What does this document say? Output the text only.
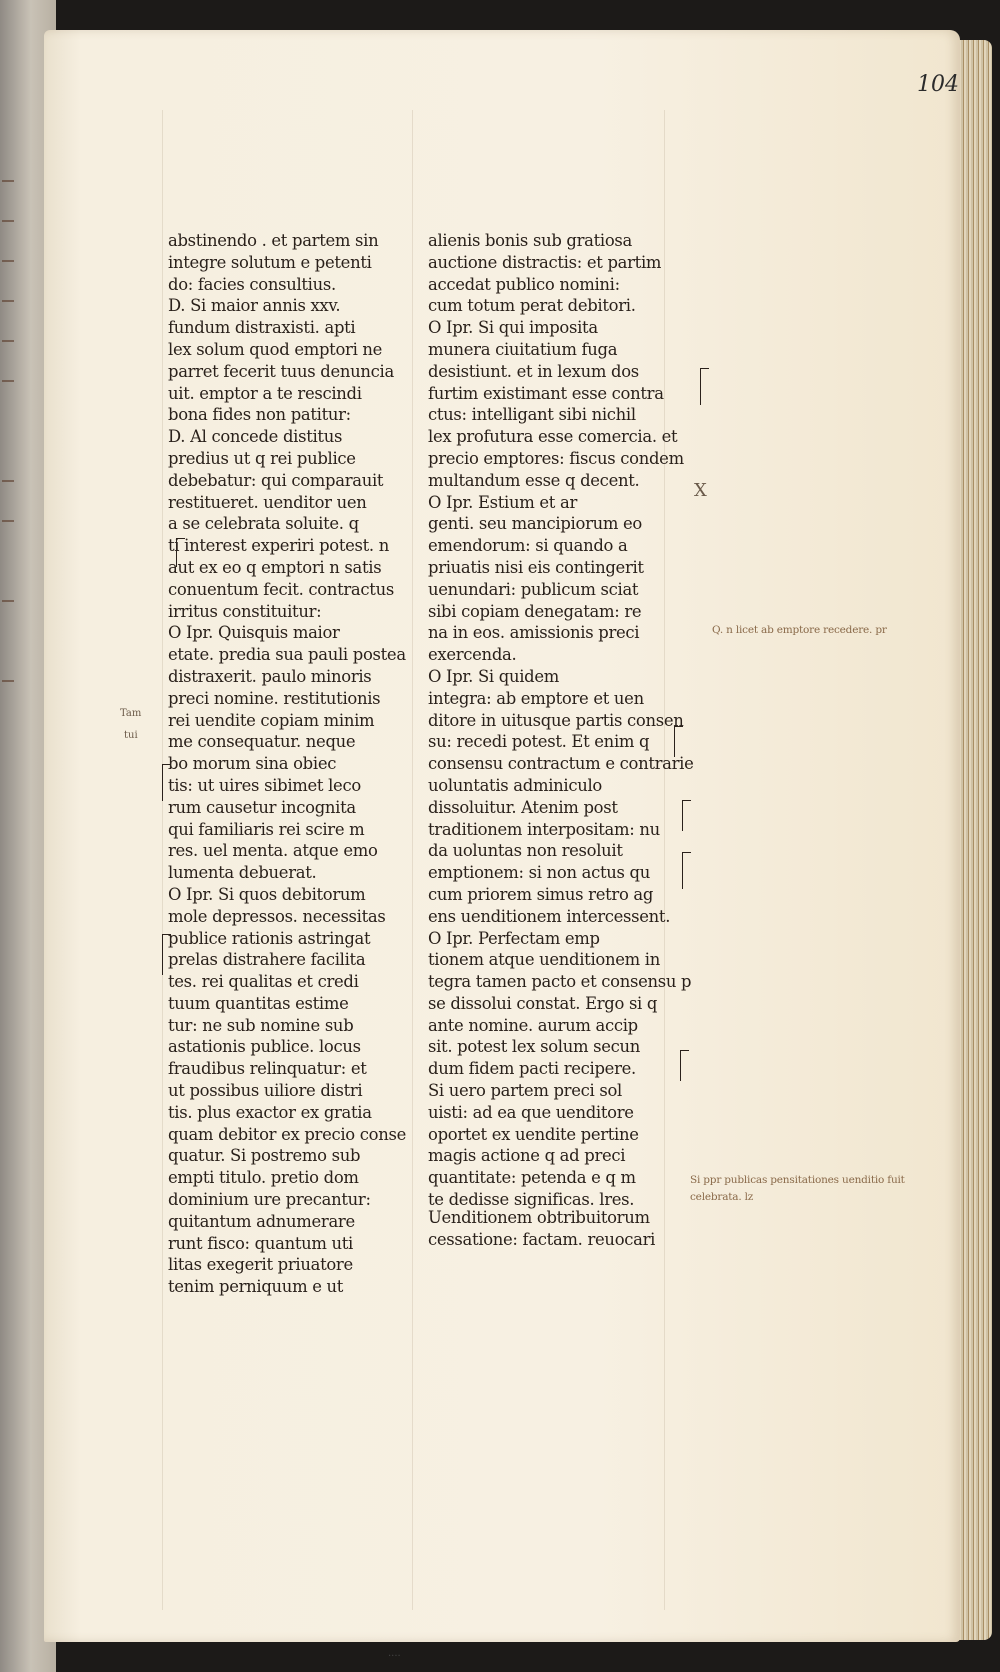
104
abstinendo . et partem sin
integre solutum e petenti
do: facies consultius.
D. Si maior annis xxv.
fundum distraxisti. apti
lex solum quod emptori ne
parret fecerit tuus denuncia
uit. emptor a te rescindi
bona fides non patitur:
D. Al concede distitus
predius ut q rei publice
debebatur: qui comparauit
restitueret. uenditor uen
a se celebrata soluite. q
ti interest experiri potest. n
aut ex eo q emptori n satis
conuentum fecit. contractus
irritus constituitur:
O Ipr. Quisquis maior
etate. predia sua pauli postea
distraxerit. paulo minoris
preci nomine. restitutionis
rei uendite copiam minim
me consequatur. neque
bo morum sina obiec
tis: ut uires sibimet leco
rum causetur incognita
qui familiaris rei scire m
res. uel menta. atque emo
lumenta debuerat.
O Ipr. Si quos debitorum
mole depressos. necessitas
publice rationis astringat
prelas distrahere facilita
tes. rei qualitas et credi
tuum quantitas estime
tur: ne sub nomine sub
astationis publice. locus
fraudibus relinquatur: et
ut possibus uiliore distri
tis. plus exactor ex gratia
quam debitor ex precio conse
quatur. Si postremo sub
empti titulo. pretio dom
dominium ure precantur:
quitantum adnumerare
runt fisco: quantum uti
litas exegerit priuatore
tenim perniquum e ut
alienis bonis sub gratiosa
auctione distractis: et partim
accedat publico nomini:
cum totum perat debitori.
O Ipr. Si qui imposita
munera ciuitatium fuga
desistiunt. et in lexum dos
furtim existimant esse contra
ctus: intelligant sibi nichil
lex profutura esse comercia. et
precio emptores: fiscus condem
multandum esse q decent.
O Ipr. Estium et ar
genti. seu mancipiorum eo
emendorum: si quando a
priuatis nisi eis contingerit
uenundari: publicum sciat
sibi copiam denegatam: re
na in eos. amissionis preci
exercenda.
O Ipr. Si quidem
integra: ab emptore et uen
ditore in uitusque partis consen
su: recedi potest. Et enim q
consensu contractum e contrarie
uoluntatis adminiculo
dissoluitur. Atenim post
traditionem interpositam: nu
da uoluntas non resoluit
emptionem: si non actus qu
cum priorem simus retro ag
ens uenditionem intercessent.
O Ipr. Perfectam emp
tionem atque uenditionem in
tegra tamen pacto et consensu p
se dissolui constat. Ergo si q
ante nomine. aurum accip
sit. potest lex solum secun
dum fidem pacti recipere.
Si uero partem preci sol
uisti: ad ea que uenditore
oportet ex uendite pertine
magis actione q ad preci
quantitate: petenda e q m
te dedisse significas. lres.
Uenditionem obtribuitorum
cessatione: factam. reuocari
Q. n licet ab emptore recedere. pr
Si ppr publicas pensitationes uenditio fuit
celebrata. lz
X
Tam
tui
....
